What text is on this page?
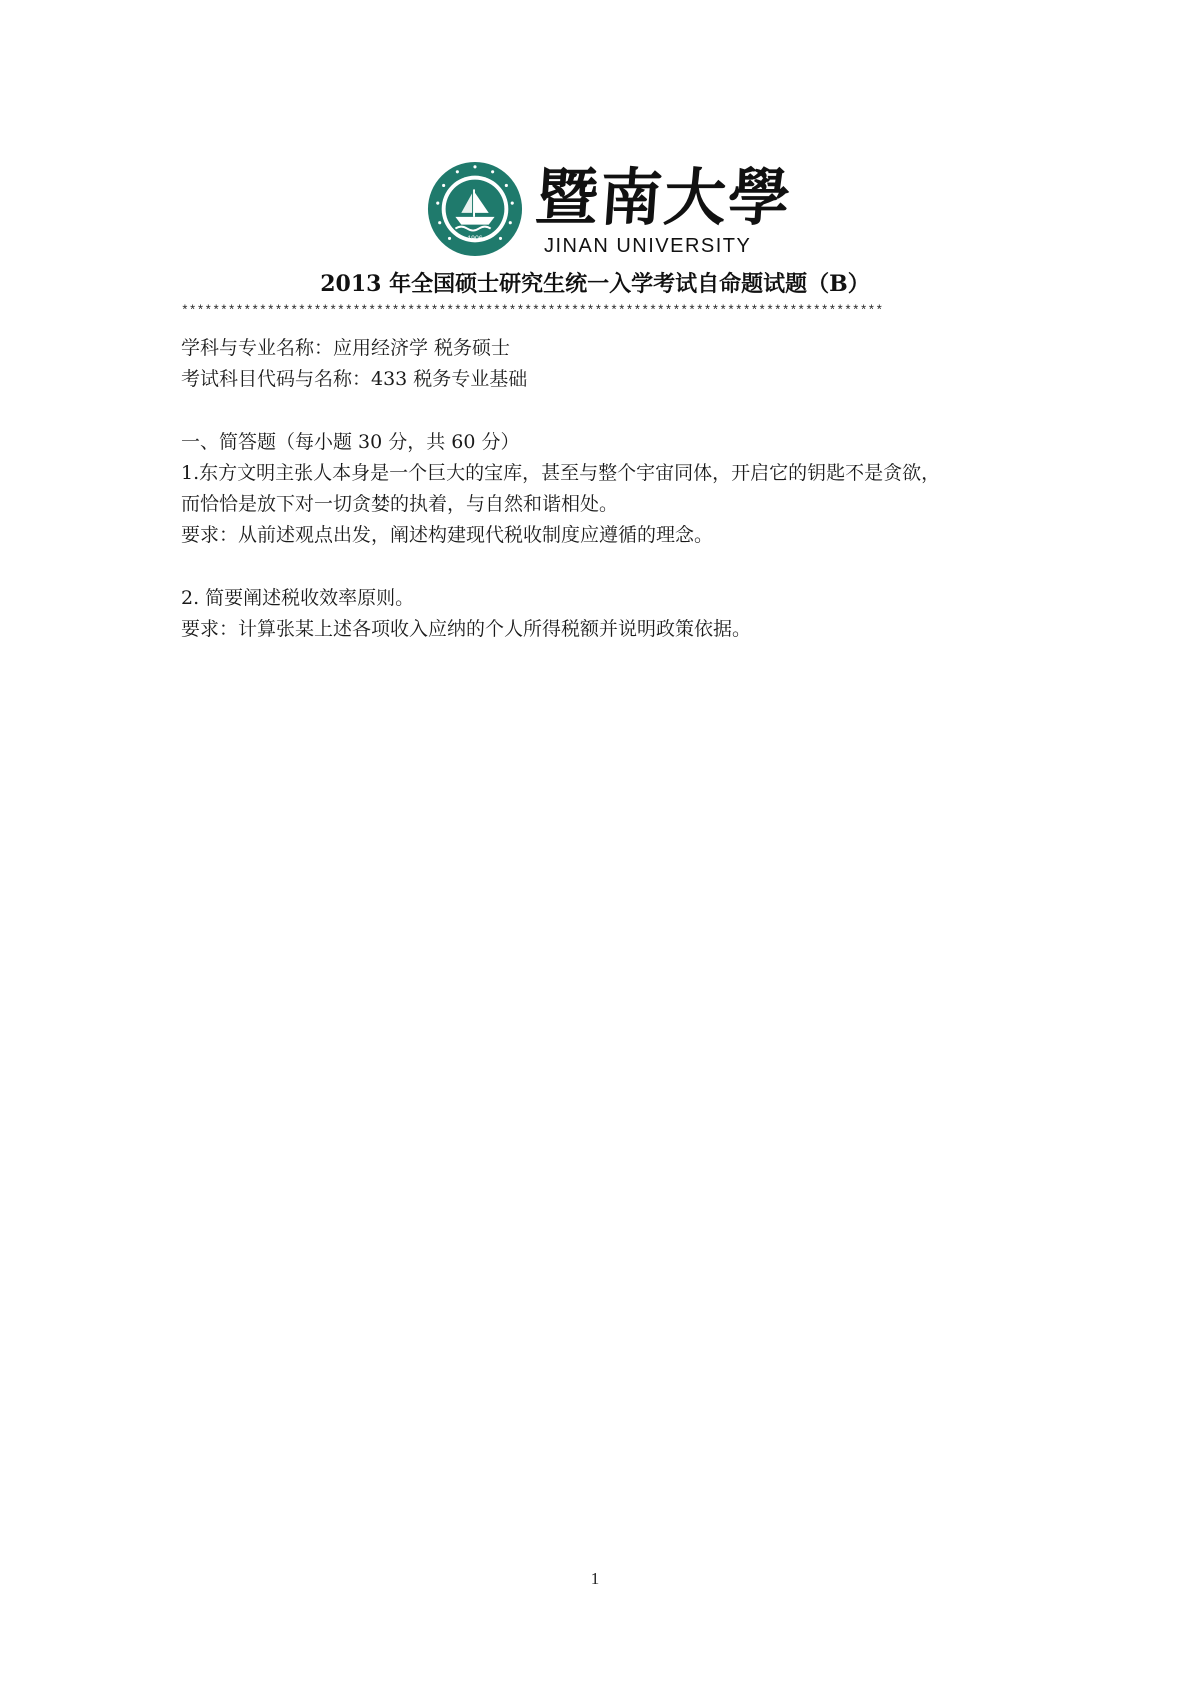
1906
暨南大學
JINAN UNIVERSITY
2013 年全国硕士研究生统一入学考试自命题试题（B）
******************************************************************************************
学科与专业名称：应用经济学 税务硕士
考试科目代码与名称：433 税务专业基础
一、简答题（每小题 30 分，共 60 分）
1.东方文明主张人本身是一个巨大的宝库，甚至与整个宇宙同体，开启它的钥匙不是贪欲，
而恰恰是放下对一切贪婪的执着，与自然和谐相处。
要求：从前述观点出发，阐述构建现代税收制度应遵循的理念。
2. 简要阐述税收效率原则。
要求：计算张某上述各项收入应纳的个人所得税额并说明政策依据。
1
